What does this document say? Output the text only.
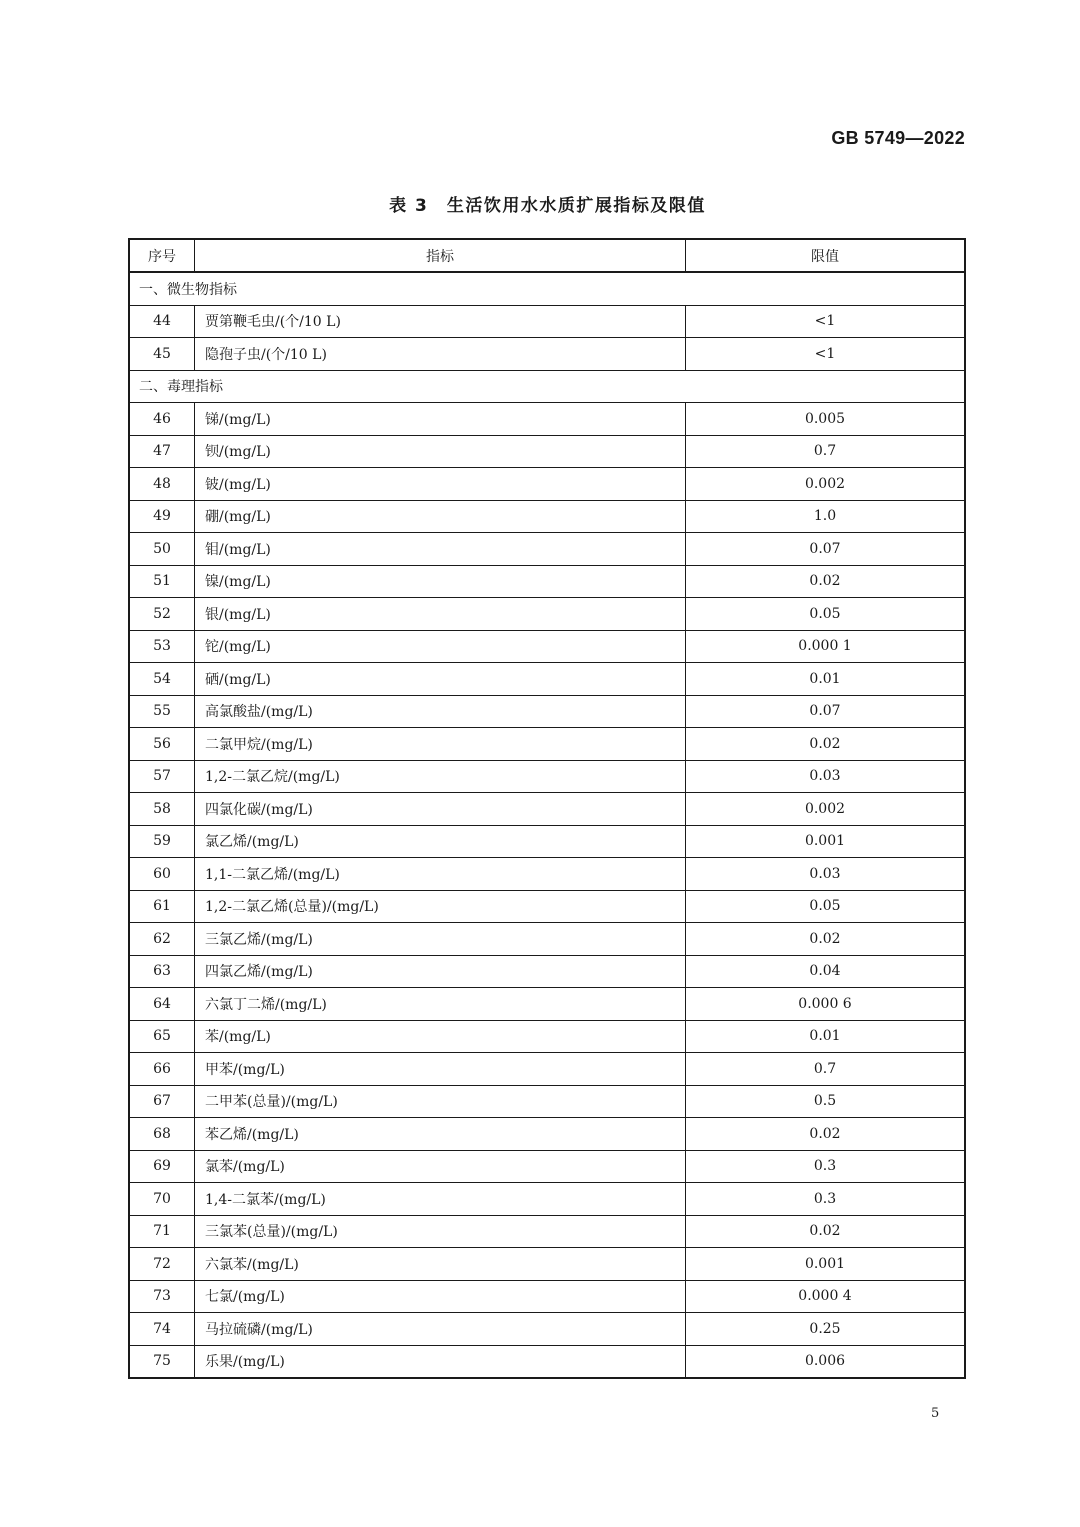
GB 5749—2022
表 3　生活饮用水水质扩展指标及限值
序号	指标	限值
一、微生物指标		
44	贾第鞭毛虫/(个/10 L)	<1
45	隐孢子虫/(个/10 L)	<1
二、毒理指标		
46	锑/(mg/L)	0.005
47	钡/(mg/L)	0.7
48	铍/(mg/L)	0.002
49	硼/(mg/L)	1.0
50	钼/(mg/L)	0.07
51	镍/(mg/L)	0.02
52	银/(mg/L)	0.05
53	铊/(mg/L)	0.000 1
54	硒/(mg/L)	0.01
55	高氯酸盐/(mg/L)	0.07
56	二氯甲烷/(mg/L)	0.02
57	1,2-二氯乙烷/(mg/L)	0.03
58	四氯化碳/(mg/L)	0.002
59	氯乙烯/(mg/L)	0.001
60	1,1-二氯乙烯/(mg/L)	0.03
61	1,2-二氯乙烯(总量)/(mg/L)	0.05
62	三氯乙烯/(mg/L)	0.02
63	四氯乙烯/(mg/L)	0.04
64	六氯丁二烯/(mg/L)	0.000 6
65	苯/(mg/L)	0.01
66	甲苯/(mg/L)	0.7
67	二甲苯(总量)/(mg/L)	0.5
68	苯乙烯/(mg/L)	0.02
69	氯苯/(mg/L)	0.3
70	1,4-二氯苯/(mg/L)	0.3
71	三氯苯(总量)/(mg/L)	0.02
72	六氯苯/(mg/L)	0.001
73	七氯/(mg/L)	0.000 4
74	马拉硫磷/(mg/L)	0.25
75	乐果/(mg/L)	0.006
5
